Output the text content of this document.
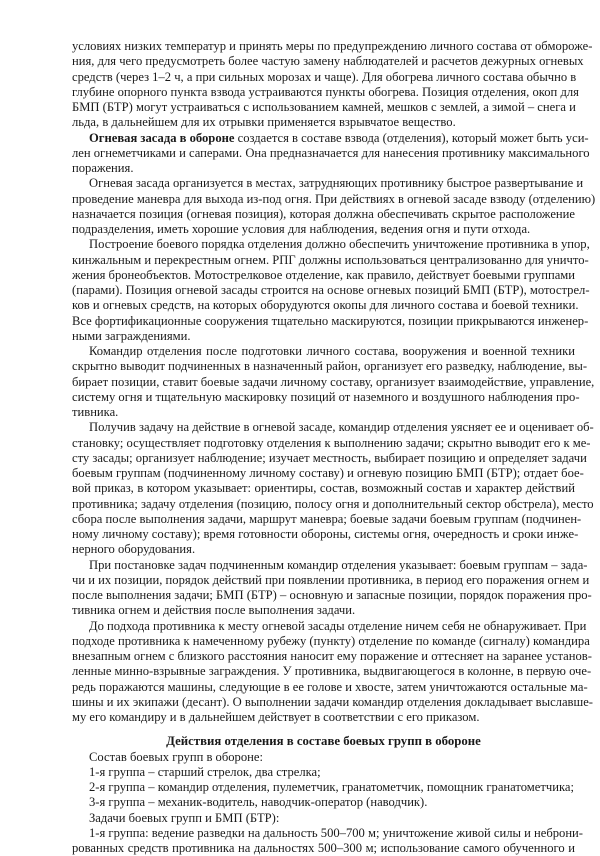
условиях низких температур и принять меры по предупреждению личного состава от обмороже-
ния, для чего предусмотреть более частую замену наблюдателей и расчетов дежурных огневых
средств (через 1–2 ч, а при сильных морозах и чаще). Для обогрева личного состава обычно в
глубине опорного пункта взвода устраиваются пункты обогрева. Позиция отделения, окоп для
БМП (БТР) могут устраиваться с использованием камней, мешков с землей, а зимой – снега и
льда, в дальнейшем для их отрывки применяется взрывчатое вещество.
Огневая засада в обороне создается в составе взвода (отделения), который может быть уси-
лен огнеметчиками и саперами. Она предназначается для нанесения противнику максимального
поражения.
Огневая засада организуется в местах, затрудняющих противнику быстрое развертывание и
проведение маневра для выхода из-под огня. При действиях в огневой засаде взводу (отделению)
назначается позиция (огневая позиция), которая должна обеспечивать скрытое расположение
подразделения, иметь хорошие условия для наблюдения, ведения огня и пути отхода.
Построение боевого порядка отделения должно обеспечить уничтожение противника в упор,
кинжальным и перекрестным огнем. РПГ должны использоваться централизованно для уничто-
жения бронеобъектов. Мотострелковое отделение, как правило, действует боевыми группами
(парами). Позиция огневой засады строится на основе огневых позиций БМП (БТР), мотострел-
ков и огневых средств, на которых оборудуются окопы для личного состава и боевой техники.
Все фортификационные сооружения тщательно маскируются, позиции прикрываются инженер-
ными заграждениями.
Командир отделения после подготовки личного состава, вооружения и военной техники
скрытно выводит подчиненных в назначенный район, организует его разведку, наблюдение, вы-
бирает позиции, ставит боевые задачи личному составу, организует взаимодействие, управление,
систему огня и тщательную маскировку позиций от наземного и воздушного наблюдения про-
тивника.
Получив задачу на действие в огневой засаде, командир отделения уясняет ее и оценивает об-
становку; осуществляет подготовку отделения к выполнению задачи; скрытно выводит его к ме-
сту засады; организует наблюдение; изучает местность, выбирает позицию и определяет задачи
боевым группам (подчиненному личному составу) и огневую позицию БМП (БТР); отдает бое-
вой приказ, в котором указывает: ориентиры, состав, возможный состав и характер действий
противника; задачу отделения (позицию, полосу огня и дополнительный сектор обстрела), место
сбора после выполнения задачи, маршрут маневра; боевые задачи боевым группам (подчинен-
ному личному составу); время готовности обороны, системы огня, очередность и сроки инже-
нерного оборудования.
При постановке задач подчиненным командир отделения указывает: боевым группам – зада-
чи и их позиции, порядок действий при появлении противника, в период его поражения огнем и
после выполнения задачи; БМП (БТР) – основную и запасные позиции, порядок поражения про-
тивника огнем и действия после выполнения задачи.
До подхода противника к месту огневой засады отделение ничем себя не обнаруживает. При
подходе противника к намеченному рубежу (пункту) отделение по команде (сигналу) командира
внезапным огнем с близкого расстояния наносит ему поражение и оттесняет на заранее установ-
ленные минно-взрывные заграждения. У противника, выдвигающегося в колонне, в первую оче-
редь поражаются машины, следующие в ее голове и хвосте, затем уничтожаются остальные ма-
шины и их экипажи (десант). О выполнении задачи командир отделения докладывает выславше-
му его командиру и в дальнейшем действует в соответствии с его приказом.
Действия отделения в составе боевых групп в обороне
Состав боевых групп в обороне:
1-я группа – старший стрелок, два стрелка;
2-я группа – командир отделения, пулеметчик, гранатометчик, помощник гранатометчика;
3-я группа – механик-водитель, наводчик-оператор (наводчик).
Задачи боевых групп и БМП (БТР):
1-я группа: ведение разведки на дальность 500–700 м; уничтожение живой силы и неброни-
рованных средств противника на дальностях 500–300 м; использование самого обученного и
